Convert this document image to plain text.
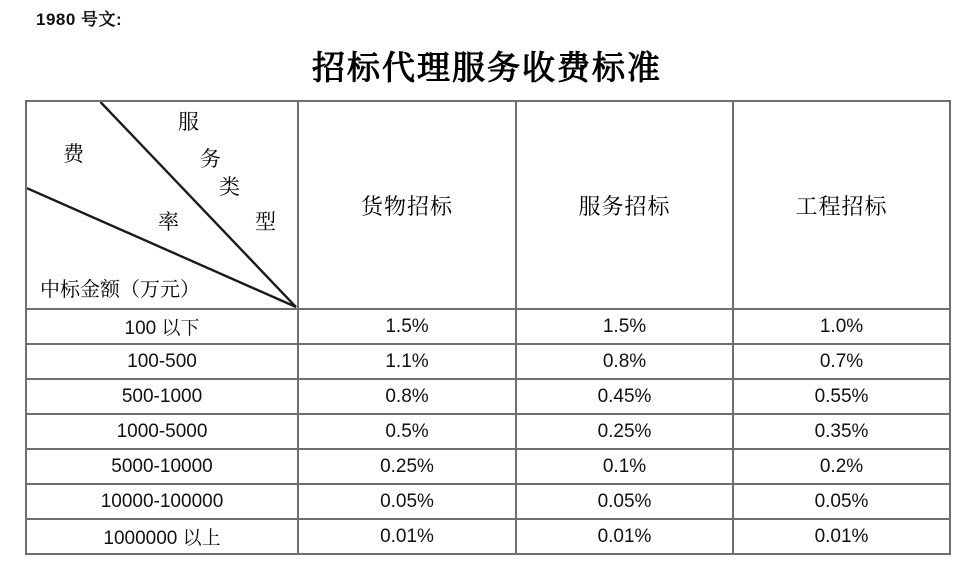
1980 号文:
招标代理服务收费标准
服
务
类
型
费
率
中标金额（万元）
	货物招标	服务招标	工程招标
100 以下	1.5%	1.5%	1.0%
100-500	1.1%	0.8%	0.7%
500-1000	0.8%	0.45%	0.55%
1000-5000	0.5%	0.25%	0.35%
5000-10000	0.25%	0.1%	0.2%
10000-100000	0.05%	0.05%	0.05%
1000000 以上	0.01%	0.01%	0.01%
